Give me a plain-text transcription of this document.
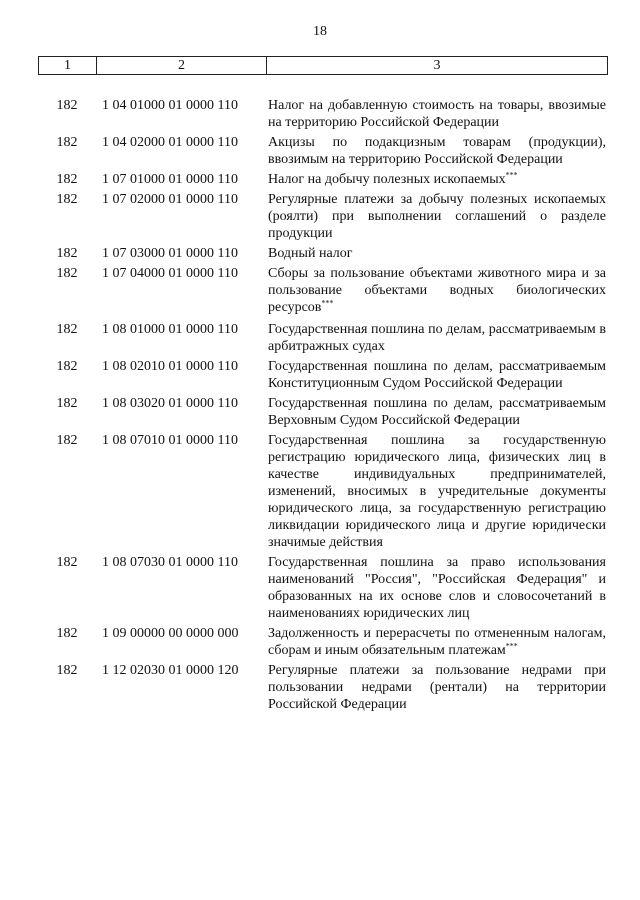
18
1	2	3
182	1 04 01000 01 0000 110	Налог на добавленную стоимость на товары, ввозимые на территорию Российской Федерации
182	1 04 02000 01 0000 110	Акцизы по подакцизным товарам (продукции), ввозимым на территорию Российской Федерации
182	1 07 01000 01 0000 110	Налог на добычу полезных ископаемых***
182	1 07 02000 01 0000 110	Регулярные платежи за добычу полезных ископаемых (роялти) при выполнении соглашений о разделе продукции
182	1 07 03000 01 0000 110	Водный налог
182	1 07 04000 01 0000 110	Сборы за пользование объектами животного мира и за пользование объектами водных биологических ресурсов***
182	1 08 01000 01 0000 110	Государственная пошлина по делам, рассматриваемым в арбитражных судах
182	1 08 02010 01 0000 110	Государственная пошлина по делам, рассматриваемым Конституционным Судом Российской Федерации
182	1 08 03020 01 0000 110	Государственная пошлина по делам, рассматриваемым Верховным Судом Российской Федерации
182	1 08 07010 01 0000 110	Государственная пошлина за государственную регистрацию юридического лица, физических лиц в качестве индивидуальных предпринимателей, изменений, вносимых в учредительные документы юридического лица, за государственную регистрацию ликвидации юридического лица и другие юридически значимые действия
182	1 08 07030 01 0000 110	Государственная пошлина за право использования наименований "Россия", "Российская Федерация" и образованных на их основе слов и словосочетаний в наименованиях юридических лиц
182	1 09 00000 00 0000 000	Задолженность и перерасчеты по отмененным налогам, сборам и иным обязательным платежам***
182	1 12 02030 01 0000 120	Регулярные платежи за пользование недрами при пользовании недрами (рентали) на территории Российской Федерации
